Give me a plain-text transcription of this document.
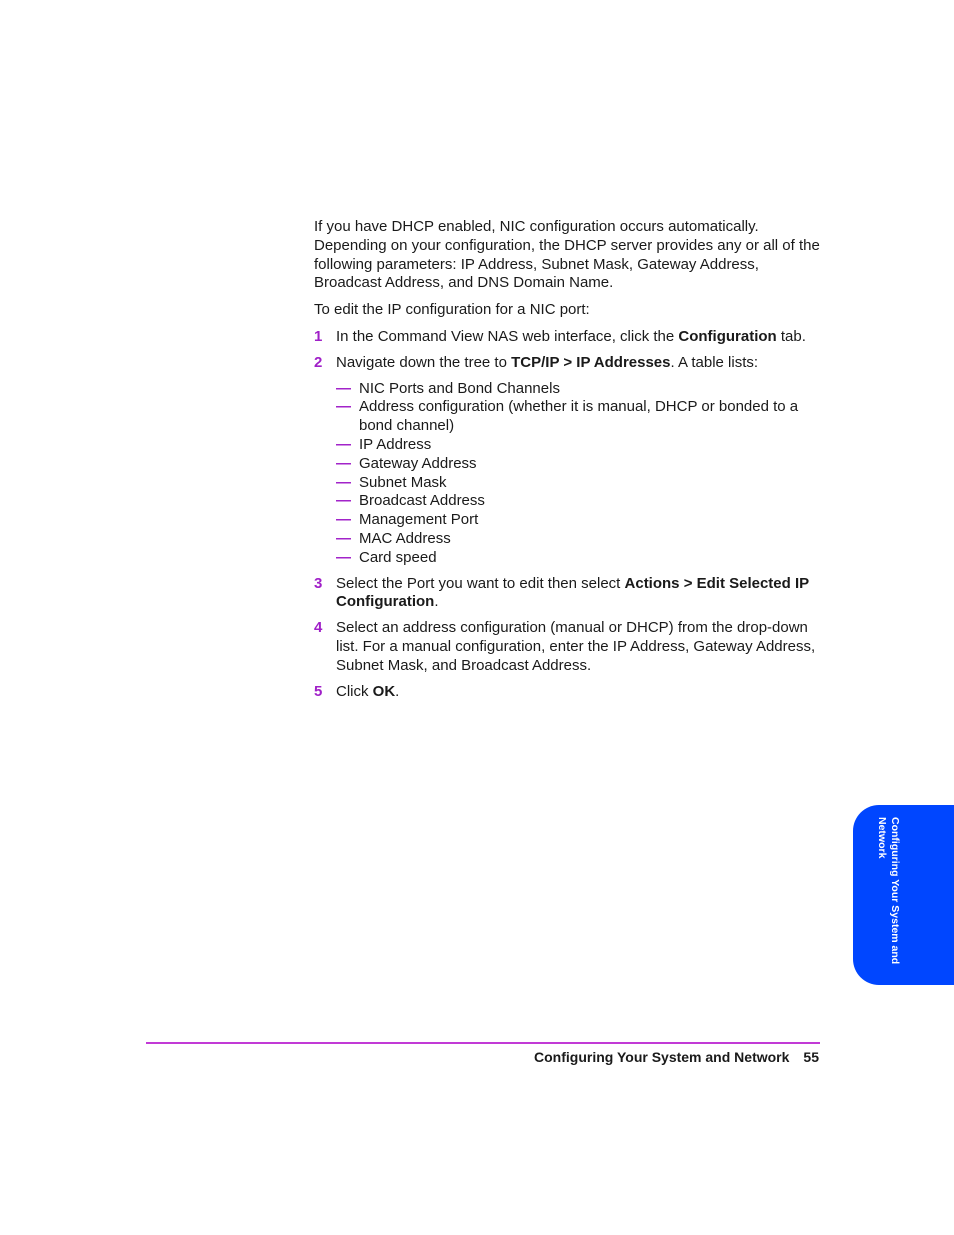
If you have DHCP enabled, NIC configuration occurs automatically. Depending on your configuration, the DHCP server provides any or all of the following parameters: IP Address, Subnet Mask, Gateway Address, Broadcast Address, and DNS Domain Name.

To edit the IP configuration for a NIC port:

1 In the Command View NAS web interface, click the Configuration tab.
2 Navigate down the tree to TCP/IP > IP Addresses. A table lists:
— NIC Ports and Bond Channels
— Address configuration (whether it is manual, DHCP or bonded to a bond channel)
— IP Address
— Gateway Address
— Subnet Mask
— Broadcast Address
— Management Port
— MAC Address
— Card speed
3 Select the Port you want to edit then select Actions > Edit Selected IP Configuration.
4 Select an address configuration (manual or DHCP) from the drop-down list. For a manual configuration, enter the IP Address, Gateway Address, Subnet Mask, and Broadcast Address.
5 Click OK.
Configuring Your System and Network
Configuring Your System and Network 55
